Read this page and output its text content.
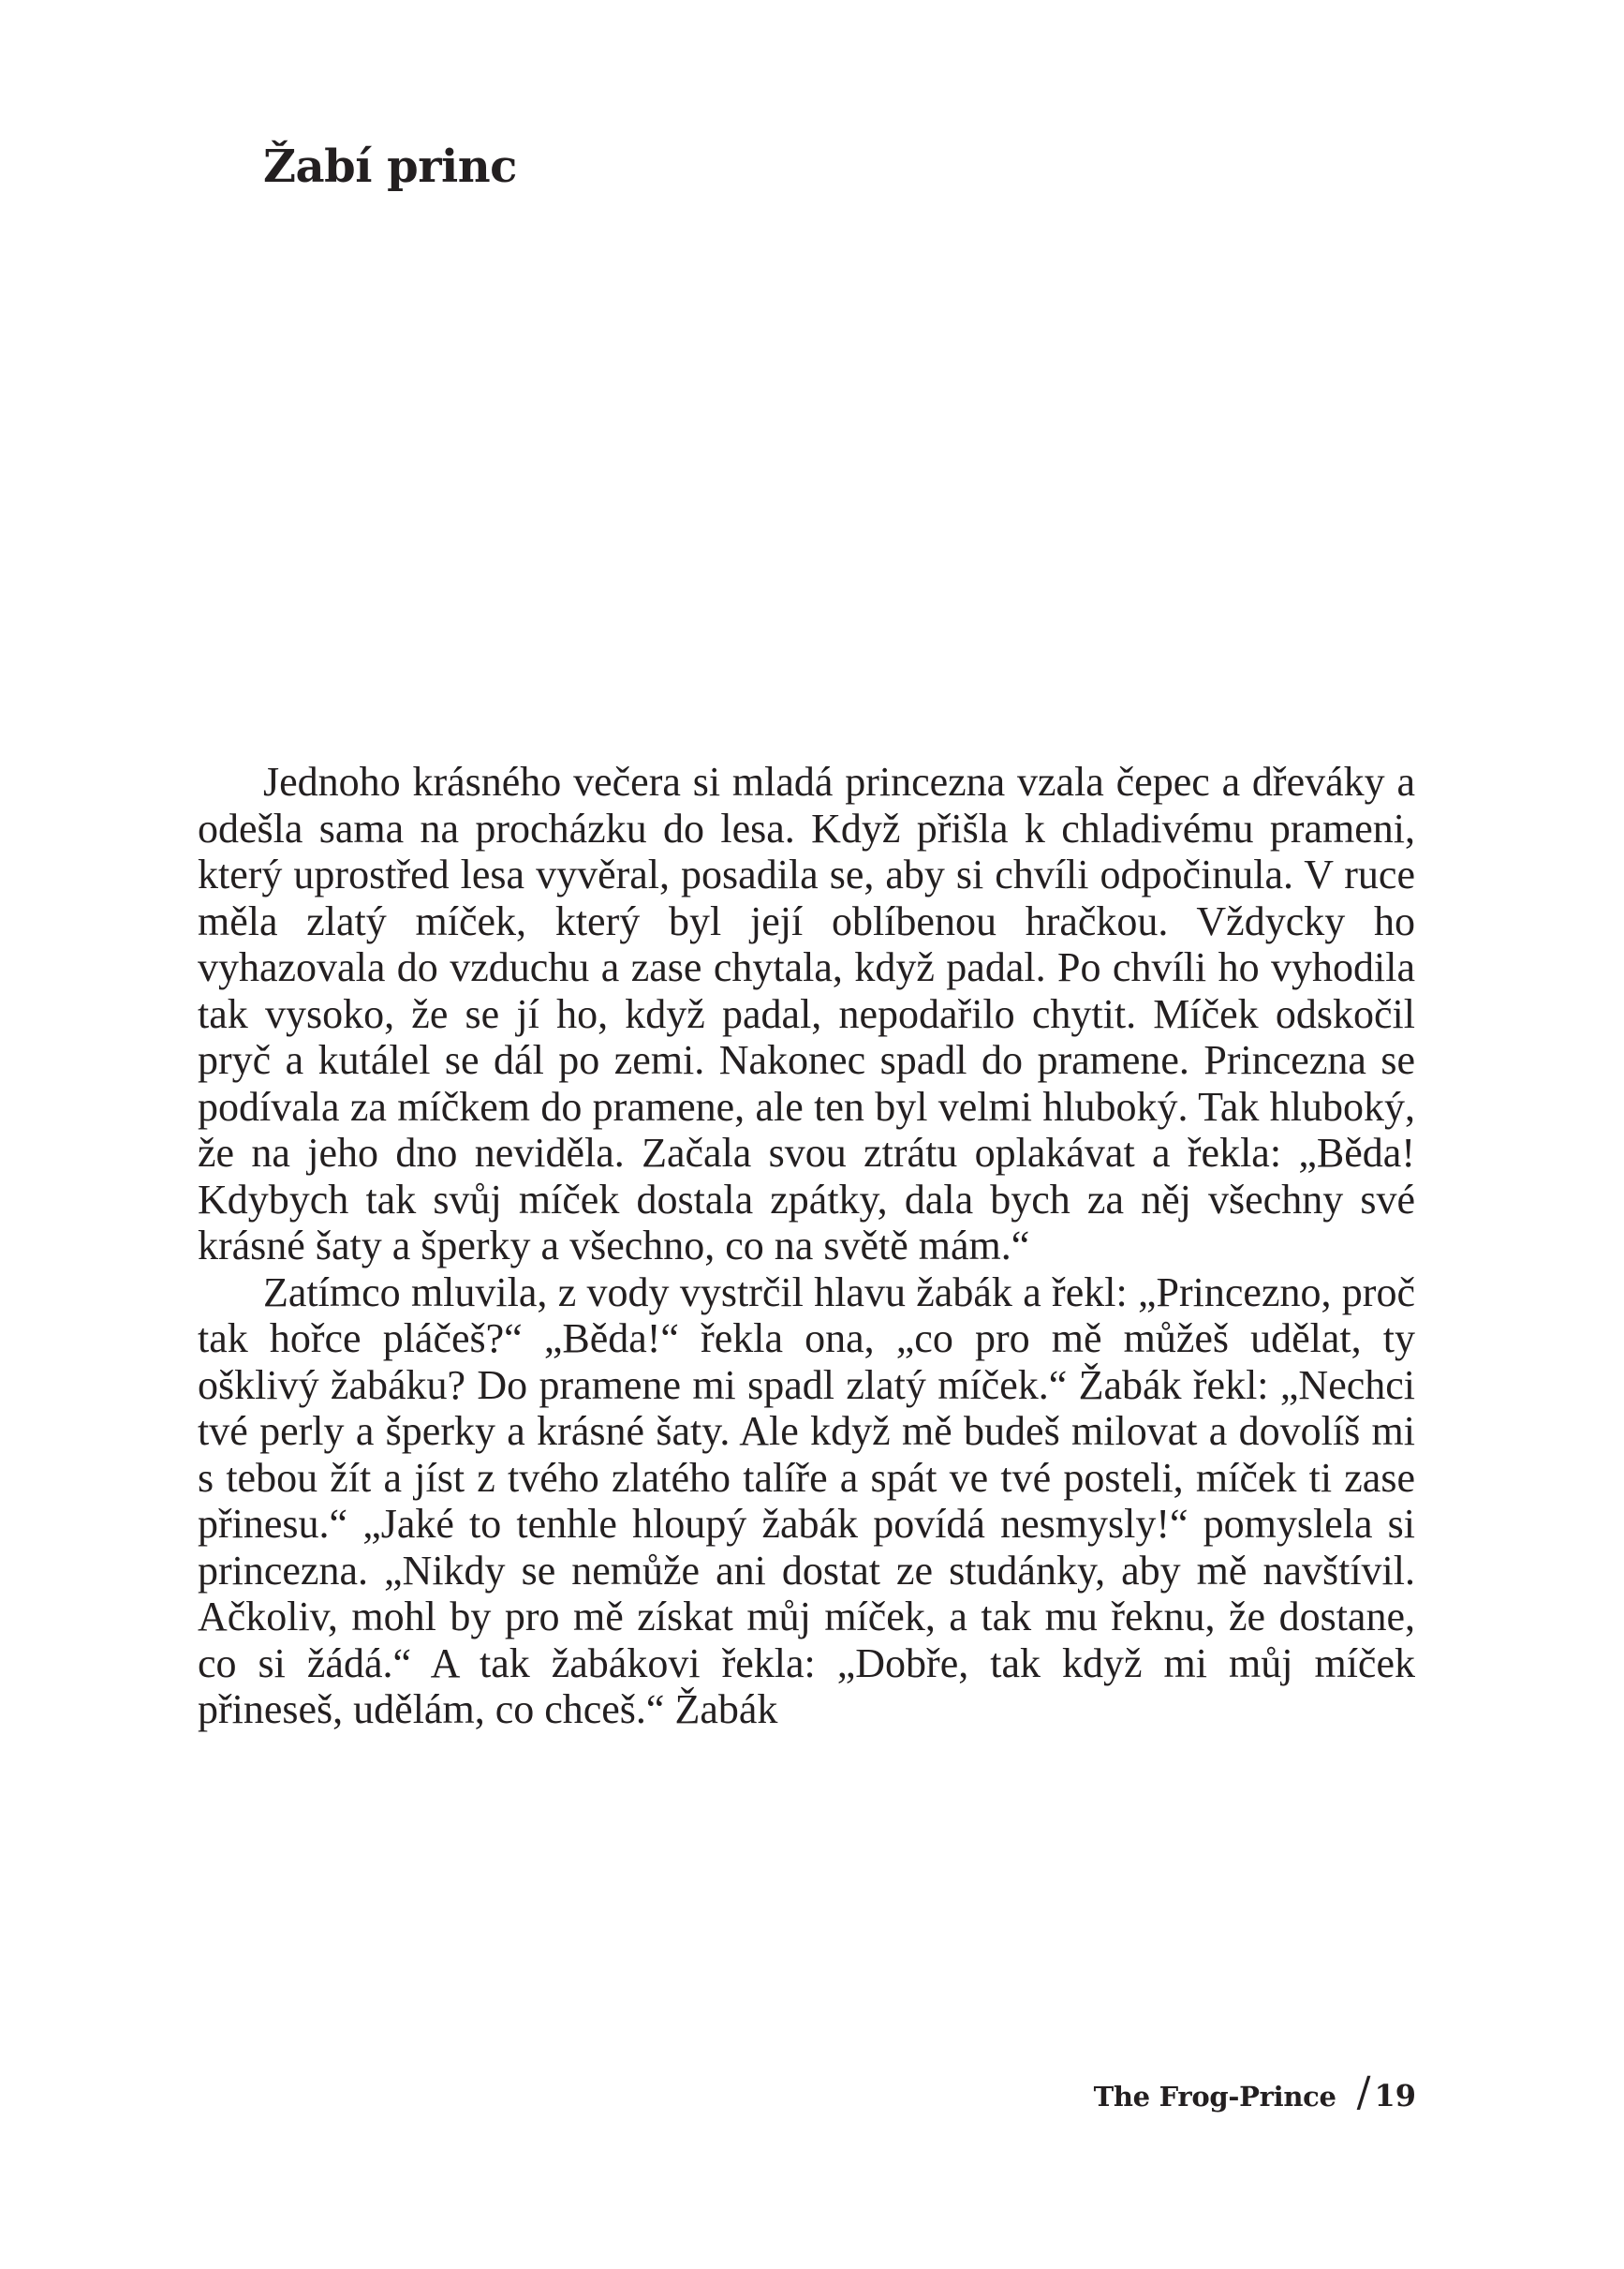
Žabí princ

Jednoho krásného večera si mladá princezna vzala čepec a dřeváky a odešla sama na procházku do lesa. Když přišla k chladivému prameni, který uprostřed lesa vyvěral, posadila se, aby si chvíli odpočinula. V ruce měla zlatý míček, který byl její oblíbenou hračkou. Vždycky ho vyhazovala do vzduchu a zase chytala, když padal. Po chvíli ho vyhodila tak vysoko, že se jí ho, když padal, nepodařilo chytit. Míček odskočil pryč a kutálel se dál po zemi. Nakonec spadl do pramene. Princezna se podívala za míčkem do pramene, ale ten byl velmi hluboký. Tak hluboký, že na jeho dno neviděla. Začala svou ztrátu oplakávat a řekla: „Běda! Kdybych tak svůj míček dostala zpátky, dala bych za něj všechny své krásné šaty a šperky a všechno, co na světě mám.“

Zatímco mluvila, z vody vystrčil hlavu žabák a řekl: „Princezno, proč tak hořce pláčeš?“ „Běda!“ řekla ona, „co pro mě můžeš udělat, ty ošklivý žabáku? Do pramene mi spadl zlatý míček.“ Žabák řekl: „Nechci tvé perly a šperky a krásné šaty. Ale když mě budeš milovat a dovolíš mi s tebou žít a jíst z tvého zlatého talíře a spát ve tvé posteli, míček ti zase přinesu.“ „Jaké to tenhle hloupý žabák povídá nesmysly!“ pomyslela si princezna. „Nikdy se nemůže ani dostat ze studánky, aby mě navštívil. Ačkoliv, mohl by pro mě získat můj míček, a tak mu řeknu, že dostane, co si žádá.“ A tak žabákovi řekla: „Dobře, tak když mi můj míček přineseš, udělám, co chceš.“ Žabák

The Frog-Prince / 19
